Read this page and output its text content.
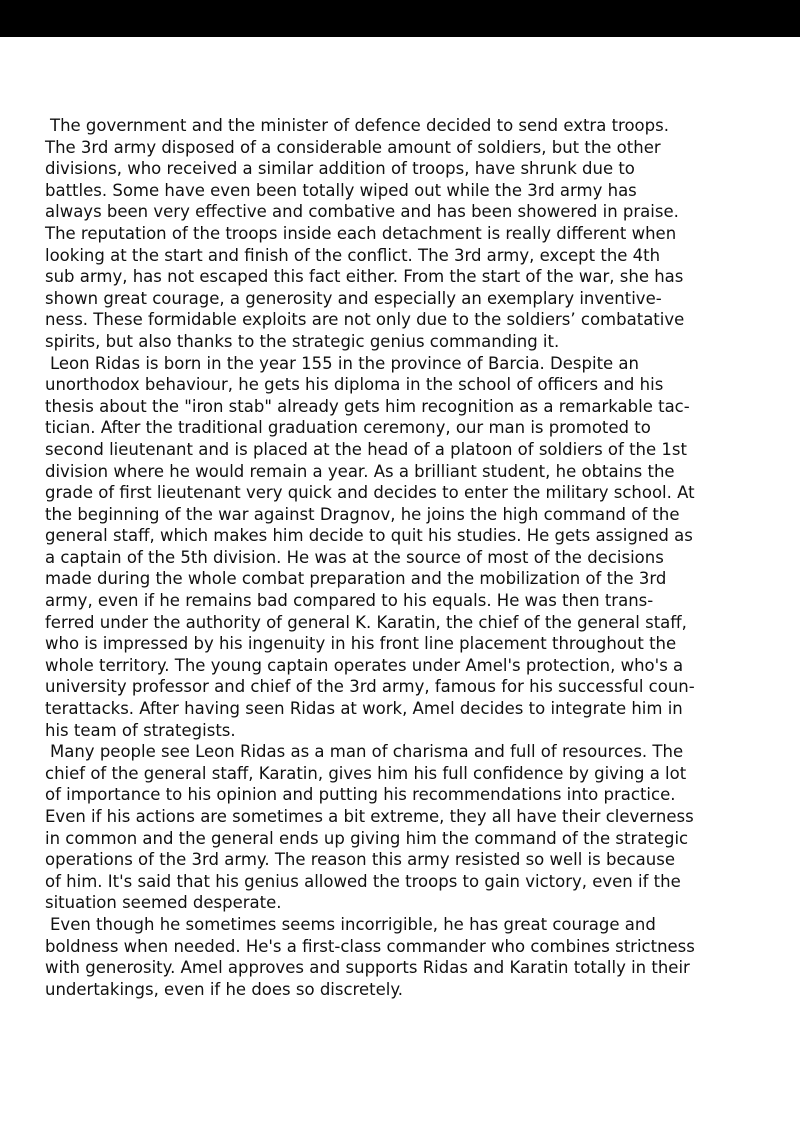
The government and the minister of defence decided to send extra troops.
The 3rd army disposed of a considerable amount of soldiers, but the other
divisions, who received a similar addition of troops, have shrunk due to
battles. Some have even been totally wiped out while the 3rd army has
always been very effective and combative and has been showered in praise.
The reputation of the troops inside each detachment is really different when
looking at the start and finish of the conflict. The 3rd army, except the 4th
sub army, has not escaped this fact either. From the start of the war, she has
shown great courage, a generosity and especially an exemplary inventive-
ness. These formidable exploits are not only due to the soldiers’ combatative
spirits, but also thanks to the strategic genius commanding it.
Leon Ridas is born in the year 155 in the province of Barcia. Despite an
unorthodox behaviour, he gets his diploma in the school of officers and his
thesis about the "iron stab" already gets him recognition as a remarkable tac-
tician. After the traditional graduation ceremony, our man is promoted to
second lieutenant and is placed at the head of a platoon of soldiers of the 1st
division where he would remain a year. As a brilliant student, he obtains the
grade of first lieutenant very quick and decides to enter the military school. At
the beginning of the war against Dragnov, he joins the high command of the
general staff, which makes him decide to quit his studies. He gets assigned as
a captain of the 5th division. He was at the source of most of the decisions
made during the whole combat preparation and the mobilization of the 3rd
army, even if he remains bad compared to his equals. He was then trans-
ferred under the authority of general K. Karatin, the chief of the general staff,
who is impressed by his ingenuity in his front line placement throughout the
whole territory. The young captain operates under Amel's protection, who's a
university professor and chief of the 3rd army, famous for his successful coun-
terattacks. After having seen Ridas at work, Amel decides to integrate him in
his team of strategists.
Many people see Leon Ridas as a man of charisma and full of resources. The
chief of the general staff, Karatin, gives him his full confidence by giving a lot
of importance to his opinion and putting his recommendations into practice.
Even if his actions are sometimes a bit extreme, they all have their cleverness
in common and the general ends up giving him the command of the strategic
operations of the 3rd army. The reason this army resisted so well is because
of him. It's said that his genius allowed the troops to gain victory, even if the
situation seemed desperate.
Even though he sometimes seems incorrigible, he has great courage and
boldness when needed. He's a first-class commander who combines strictness
with generosity. Amel approves and supports Ridas and Karatin totally in their
undertakings, even if he does so discretely.
